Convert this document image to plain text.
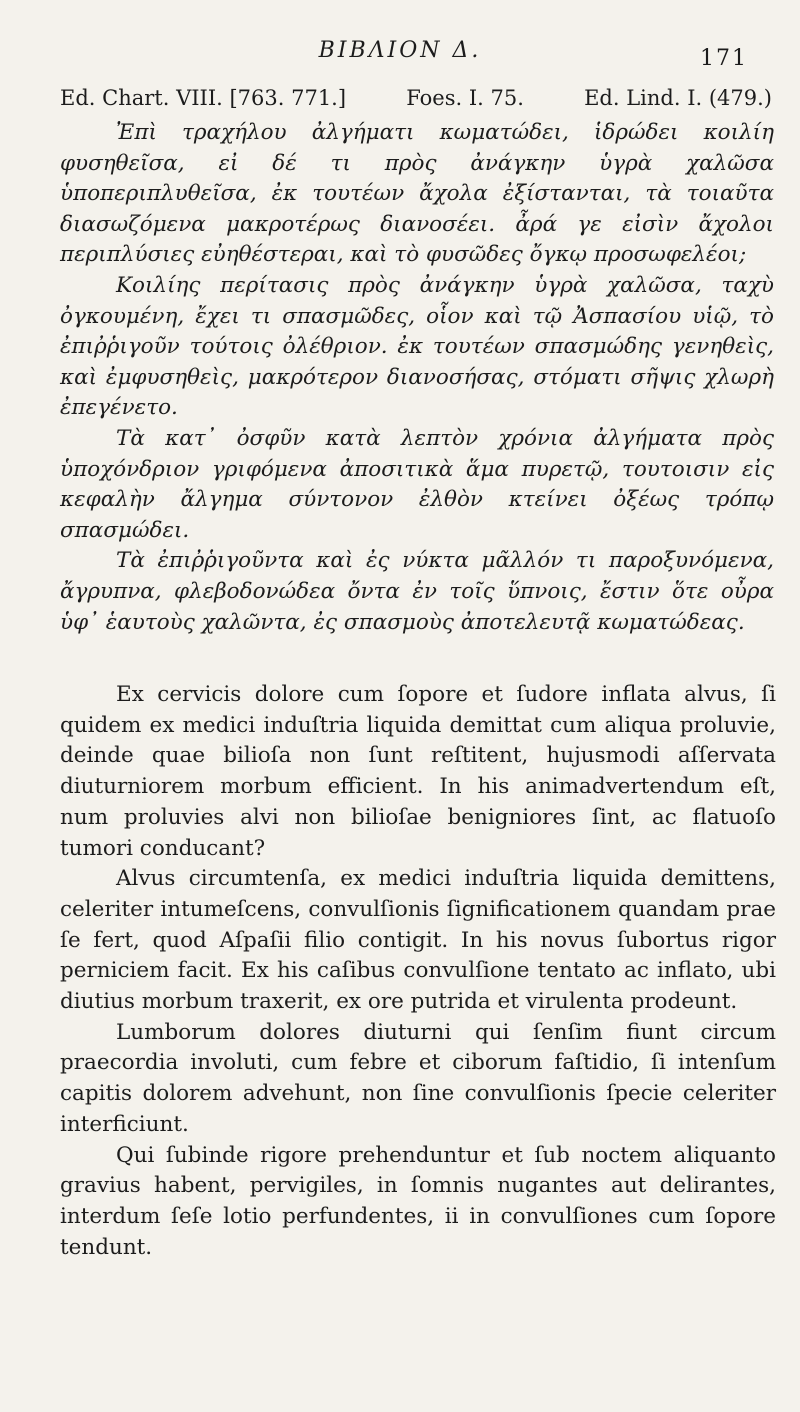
ΒΙΒΛΙΟΝ Δ.	171
Ed. Chart. VIII. [763. 771.]	Foes. I. 75.	Ed. Lind. I. (479.)

Ἐπὶ τραχήλου ἀλγήματι κωματώδει, ἱδρώδει κοιλίη φυσηθεῖσα, εἰ δέ τι πρὸς ἀνάγκην ὑγρὰ χαλῶσα ὑποπεριπλυθεῖσα, ἐκ τουτέων ἄχολα ἐξίστανται, τὰ τοιαῦτα διασωζόμενα μακροτέρως διανοσέει. ἆρά γε εἰσὶν ἄχολοι περιπλύσιες εὐηθέστεραι, καὶ τὸ φυσῶδες ὄγκῳ προσωφελέοι;

Κοιλίης περίτασις πρὸς ἀνάγκην ὑγρὰ χαλῶσα, ταχὺ ὀγκουμένη, ἔχει τι σπασμῶδες, οἷον καὶ τῷ Ἀσπασίου υἱῷ, τὸ ἐπιῤῥιγοῦν τούτοις ὀλέθριον. ἐκ τουτέων σπασμώδης γενηθεὶς, καὶ ἐμφυσηθεὶς, μακρότερον διανοσήσας, στόματι σῆψις χλωρὴ ἐπεγένετο.

Τὰ κατ᾽ ὀσφῦν κατὰ λεπτὸν χρόνια ἀλγήματα πρὸς ὑποχόνδριον γριφόμενα ἀποσιτικὰ ἅμα πυρετῷ, τουτοισιν εἰς κεφαλὴν ἄλγημα σύντονον ἐλθὸν κτείνει ὀξέως τρόπῳ σπασμώδει.

Τὰ ἐπιῤῥιγοῦντα καὶ ἐς νύκτα μᾶλλόν τι παροξυνόμενα, ἄγρυπνα, φλεβοδονώδεα ὄντα ἐν τοῖς ὕπνοις, ἔστιν ὅτε οὖρα ὑφ᾽ ἑαυτοὺς χαλῶντα, ἐς σπασμοὺς ἀποτελευτᾷ κωματώδεας.

Ex cervicis dolore cum ſopore et ſudore inflata alvus, ſi quidem ex medici induſtria liquida demittat cum aliqua proluvie, deinde quae bilioſa non ſunt reſtitent, hujusmodi aſſervata diuturniorem morbum efficient. In his animadvertendum eſt, num proluvies alvi non bilioſae benigniores ſint, ac flatuoſo tumori conducant?

Alvus circumtenſa, ex medici induſtria liquida demittens, celeriter intumeſcens, convulſionis ſignificationem quandam prae ſe fert, quod Aſpaſii filio contigit. In his novus ſubortus rigor perniciem facit. Ex his caſibus convulſione tentato ac inflato, ubi diutius morbum traxerit, ex ore putrida et virulenta prodeunt.

Lumborum dolores diuturni qui ſenſim fiunt circum praecordia involuti, cum febre et ciborum faſtidio, ſi intenſum capitis dolorem advehunt, non ſine convulſionis ſpecie celeriter interficiunt.

Qui ſubinde rigore prehenduntur et ſub noctem aliquanto gravius habent, pervigiles, in ſomnis nugantes aut delirantes, interdum ſeſe lotio perfundentes, ii in convulſiones cum ſopore tendunt.
